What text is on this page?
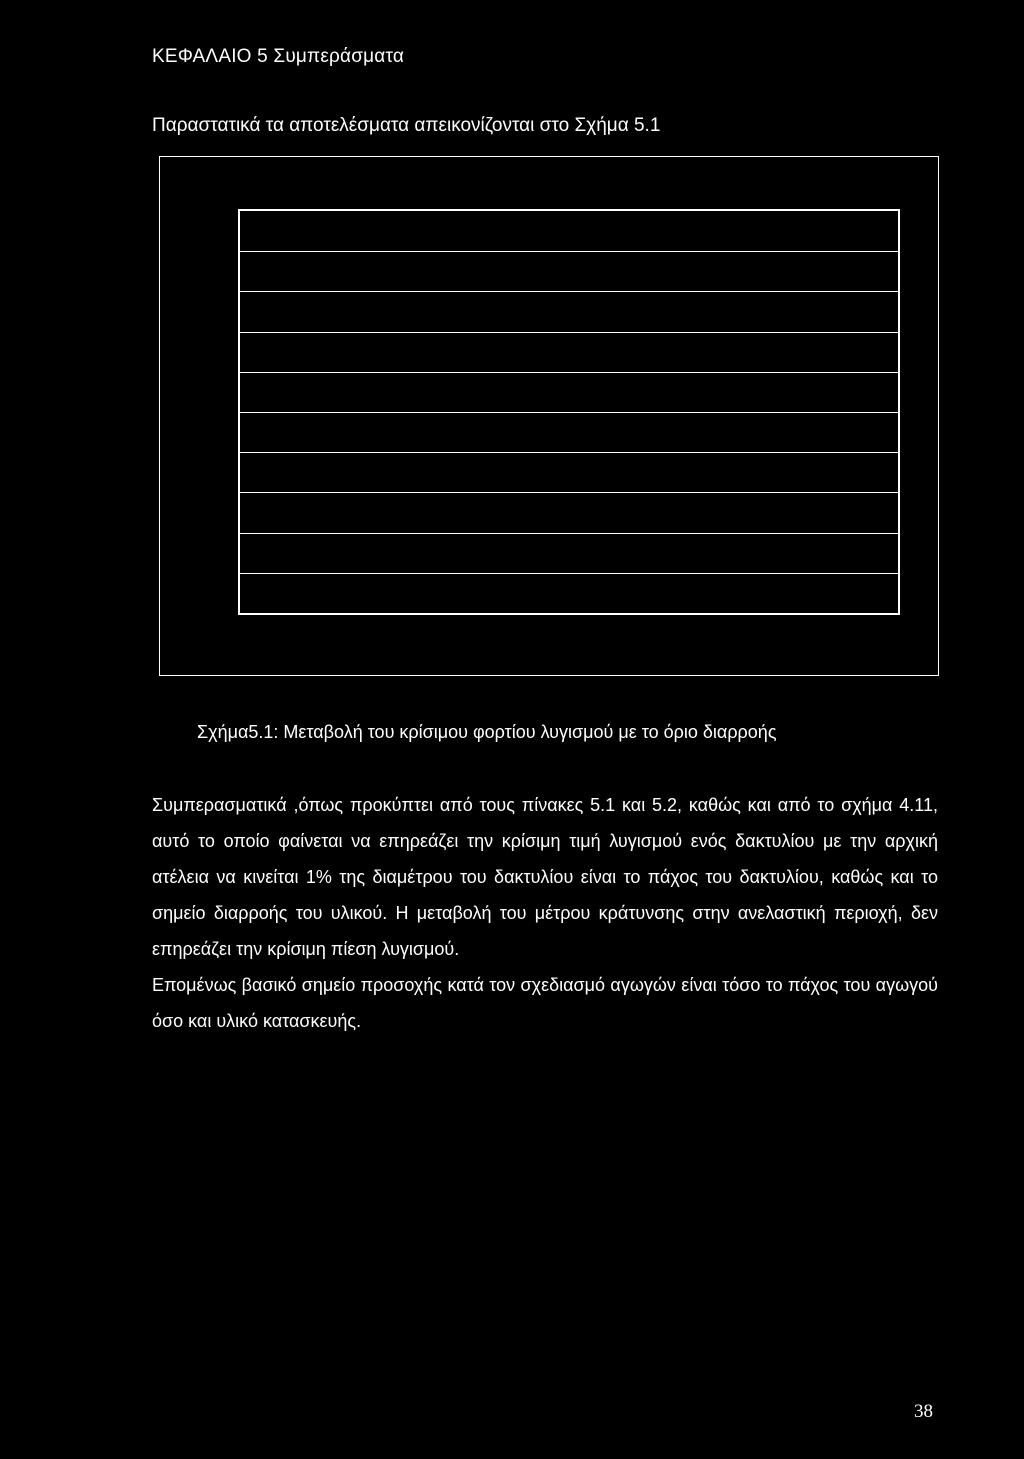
ΚΕΦΑΛΑΙΟ 5 Συμπεράσματα
Παραστατικά τα αποτελέσματα απεικονίζονται στο Σχήμα 5.1
Σχήμα5.1: Μεταβολή του κρίσιμου φορτίου λυγισμού με το όριο διαρροής

Συμπερασματικά ,όπως προκύπτει από τους πίνακες 5.1 και 5.2, καθώς και από το σχήμα 4.11, αυτό το οποίο φαίνεται να επηρεάζει την κρίσιμη τιμή λυγισμού ενός δακτυλίου με την αρχική ατέλεια να κινείται 1% της διαμέτρου του δακτυλίου είναι το πάχος του δακτυλίου, καθώς και το σημείο διαρροής του υλικού. Η μεταβολή του μέτρου κράτυνσης στην ανελαστική περιοχή, δεν επηρεάζει την κρίσιμη πίεση λυγισμού.

Επομένως βασικό σημείο προσοχής κατά τον σχεδιασμό αγωγών είναι τόσο το πάχος του αγωγού όσο και υλικό κατασκευής.

38
